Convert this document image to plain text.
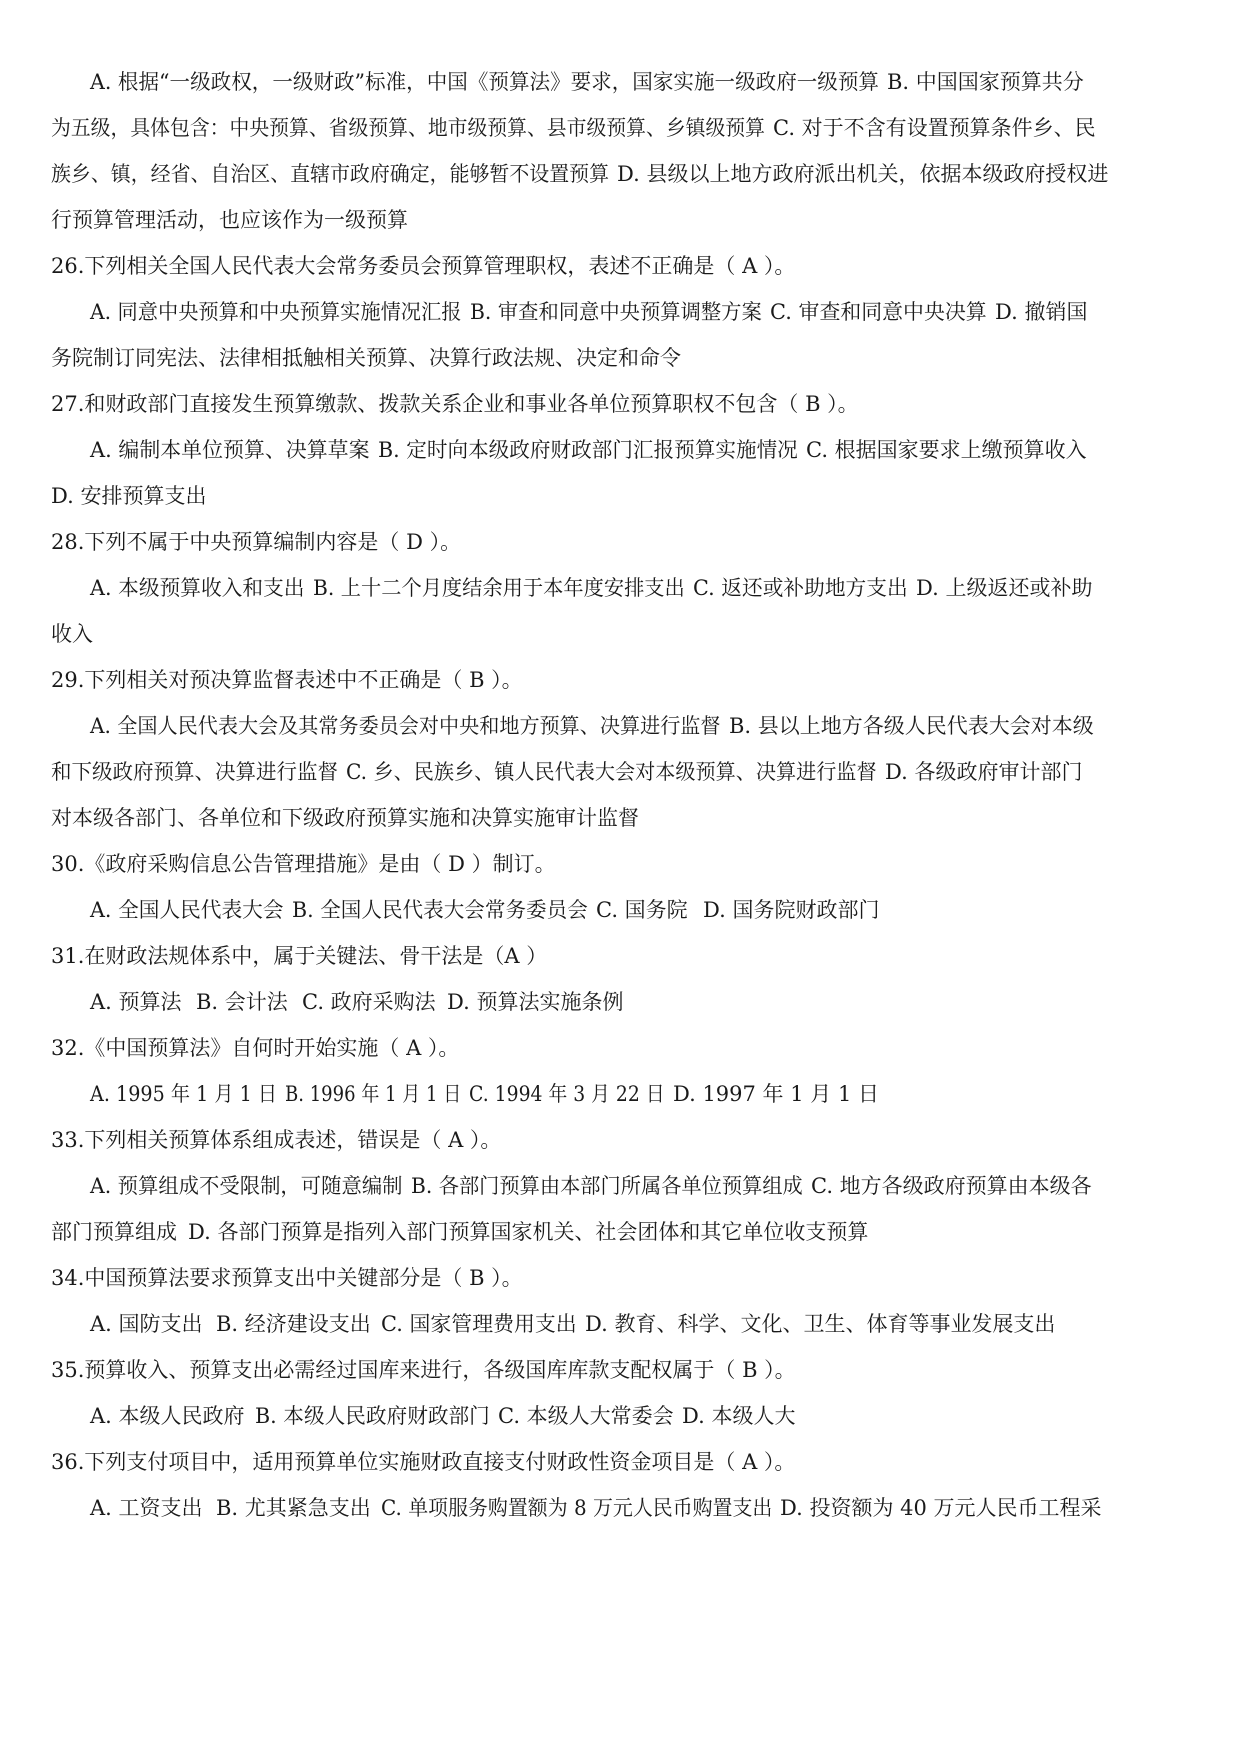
A. 根据“一级政权，一级财政”标准，中国《预算法》要求，国家实施一级政府一级预算 B. 中国国家预算共分
为五级，具体包含：中央预算、省级预算、地市级预算、县市级预算、乡镇级预算 C. 对于不含有设置预算条件乡、民
族乡、镇，经省、自治区、直辖市政府确定，能够暂不设置预算 D. 县级以上地方政府派出机关，依据本级政府授权进
行预算管理活动，也应该作为一级预算
26.下列相关全国人民代表大会常务委员会预算管理职权，表述不正确是（ A ）。
A. 同意中央预算和中央预算实施情况汇报 B. 审查和同意中央预算调整方案 C. 审查和同意中央决算 D. 撤销国
务院制订同宪法、法律相抵触相关预算、决算行政法规、决定和命令
27.和财政部门直接发生预算缴款、拨款关系企业和事业各单位预算职权不包含（ B ）。
A. 编制本单位预算、决算草案 B. 定时向本级政府财政部门汇报预算实施情况 C. 根据国家要求上缴预算收入
D. 安排预算支出
28.下列不属于中央预算编制内容是（ D ）。
A. 本级预算收入和支出 B. 上十二个月度结余用于本年度安排支出 C. 返还或补助地方支出 D. 上级返还或补助
收入
29.下列相关对预决算监督表述中不正确是（ B ）。
A. 全国人民代表大会及其常务委员会对中央和地方预算、决算进行监督 B. 县以上地方各级人民代表大会对本级
和下级政府预算、决算进行监督 C. 乡、民族乡、镇人民代表大会对本级预算、决算进行监督 D. 各级政府审计部门
对本级各部门、各单位和下级政府预算实施和决算实施审计监督
30.《政府采购信息公告管理措施》是由（ D ）制订。
A. 全国人民代表大会 B. 全国人民代表大会常务委员会 C. 国务院 D. 国务院财政部门
31.在财政法规体系中，属于关键法、骨干法是（A ）
A. 预算法 B. 会计法 C. 政府采购法 D. 预算法实施条例
32.《中国预算法》自何时开始实施（ A ）。
A. 1995 年 1 月 1 日 B. 1996 年 1 月 1 日 C. 1994 年 3 月 22 日 D. 1997 年 1 月 1 日
33.下列相关预算体系组成表述，错误是（ A ）。
A. 预算组成不受限制，可随意编制 B. 各部门预算由本部门所属各单位预算组成 C. 地方各级政府预算由本级各
部门预算组成 D. 各部门预算是指列入部门预算国家机关、社会团体和其它单位收支预算
34.中国预算法要求预算支出中关键部分是（ B ）。
A. 国防支出 B. 经济建设支出 C. 国家管理费用支出 D. 教育、科学、文化、卫生、体育等事业发展支出
35.预算收入、预算支出必需经过国库来进行，各级国库库款支配权属于（ B ）。
A. 本级人民政府 B. 本级人民政府财政部门 C. 本级人大常委会 D. 本级人大
36.下列支付项目中，适用预算单位实施财政直接支付财政性资金项目是（ A ）。
A. 工资支出 B. 尤其紧急支出 C. 单项服务购置额为 8 万元人民币购置支出 D. 投资额为 40 万元人民币工程采
